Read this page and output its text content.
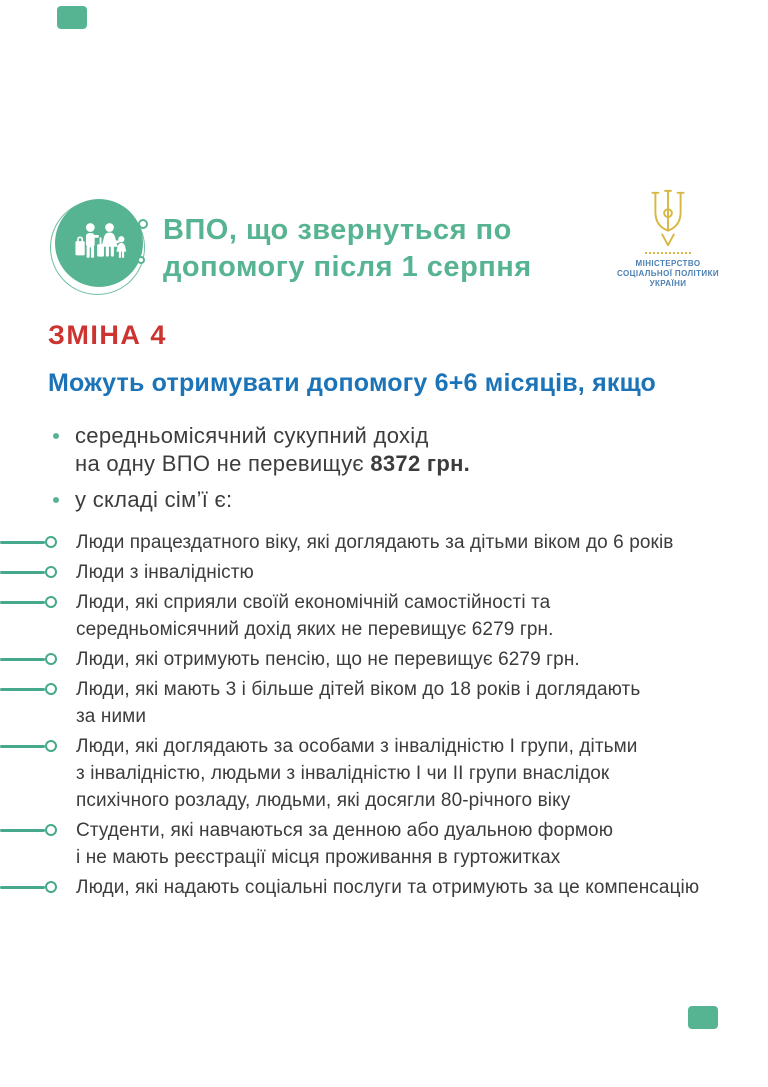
ВПО, що звернуться по
допомогу після 1 серпня	МІНІСТЕРСТВО
СОЦІАЛЬНОЇ ПОЛІТИКИ
УКРАЇНИ
ЗМІНА 4
Можуть отримувати допомогу 6+6 місяців, якщо
середньомісячний сукупний дохід
на одну ВПО не перевищує 8372 грн.
у складі сім’ї є:
Люди працездатного віку, які доглядають за дітьми віком до 6 років
Люди з інвалідністю
Люди, які сприяли своїй економічній самостійності та
середньомісячний дохід яких не перевищує 6279 грн.
Люди, які отримують пенсію, що не перевищує 6279 грн.
Люди, які мають 3 і більше дітей віком до 18 років і доглядають
за ними
Люди, які доглядають за особами з інвалідністю І групи, дітьми
з інвалідністю, людьми з інвалідністю І чи ІІ групи внаслідок
психічного розладу, людьми, які досягли 80-річного віку
Студенти, які навчаються за денною або дуальною формою
і не мають реєстрації місця проживання в гуртожитках
Люди, які надають соціальні послуги та отримують за це компенсацію
